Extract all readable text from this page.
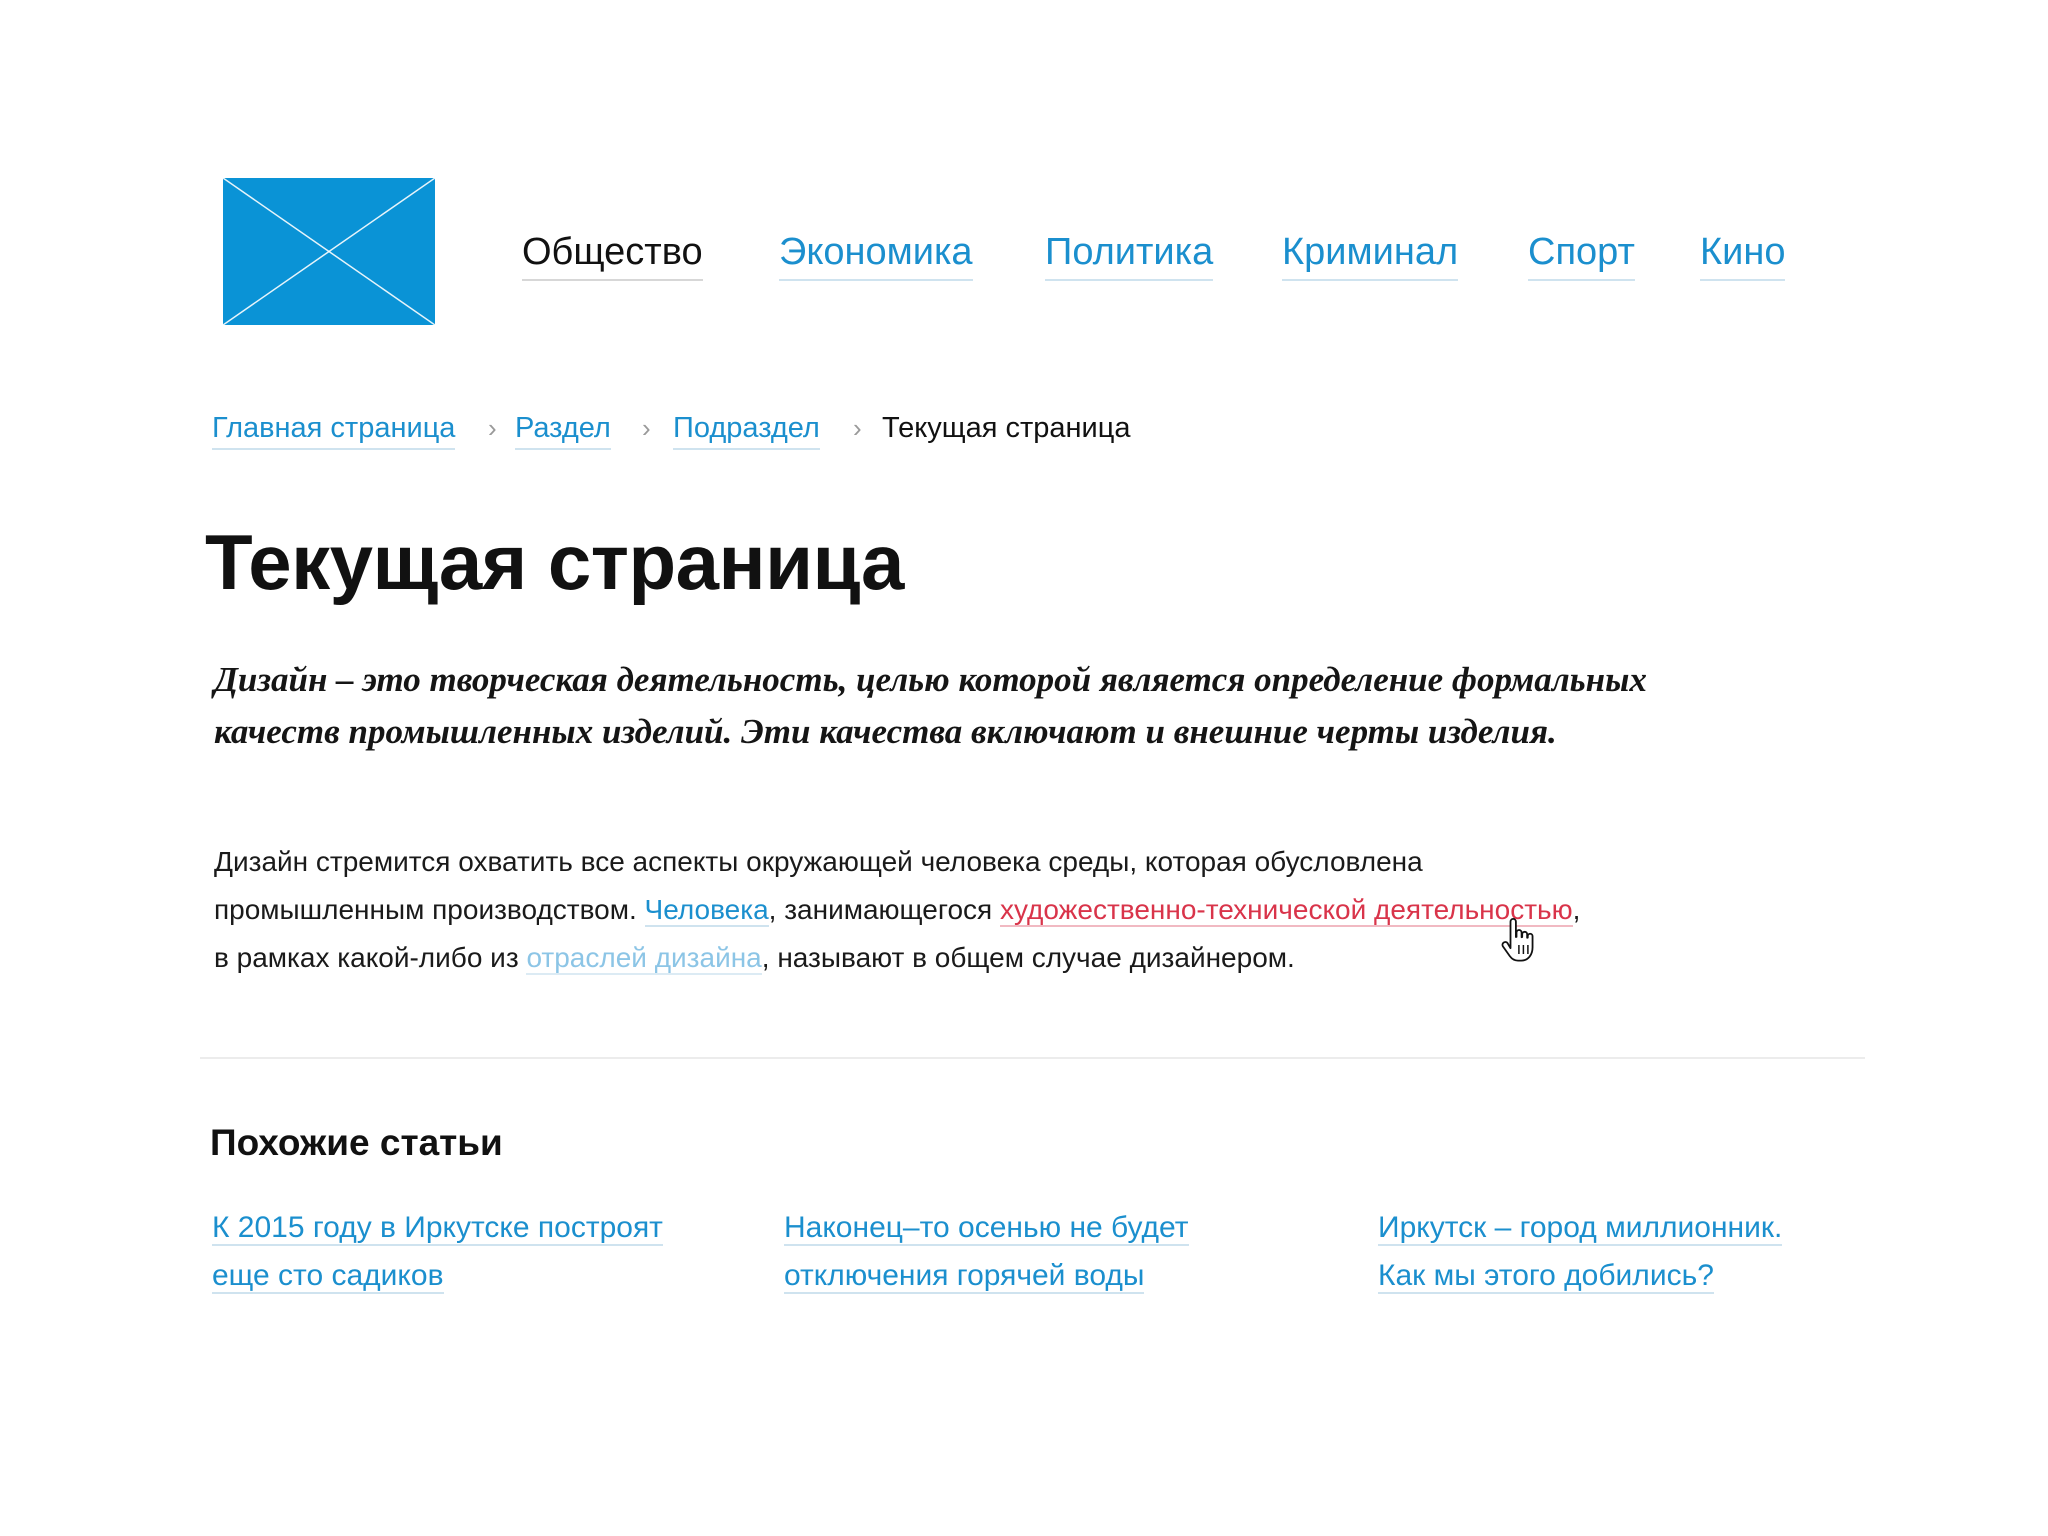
Общество Экономика Политика Криминал Спорт Кино
Главная страница › Раздел › Подраздел › Текущая страница
Текущая страница

Дизайн – это творческая деятельность, целью которой является определение формальных качеств промышленных изделий. Эти качества включают и внешние черты изделия.

Дизайн стремится охватить все аспекты окружающей человека среды, которая обусловлена
промышленным производством. Человека, занимающегося художественно-технической деятельностью,
в рамках какой-либо из отраслей дизайна, называют в общем случае дизайнером.

Похожие статьи
К 2015 году в Иркутске построят
еще сто садиков
Наконец–то осенью не будет
отключения горячей воды
Иркутск – город миллионник.
Как мы этого добились?
